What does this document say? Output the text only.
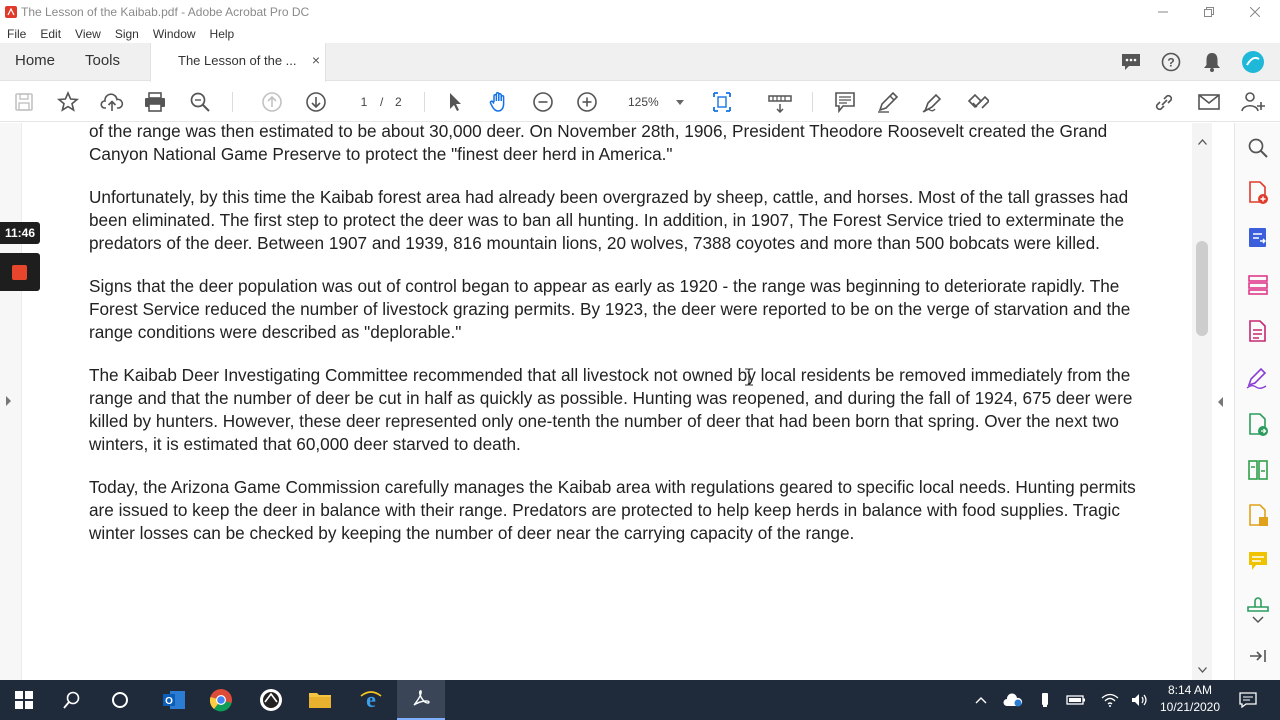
The Lesson of the Kaibab.pdf - Adobe Acrobat Pro DC
File Edit View Sign Window Help
Home Tools	The Lesson of the ... ×	?
1	/ 2	125%

of the range was then estimated to be about 30,000 deer. On November 28th, 1906, President Theodore Roosevelt created the Grand Canyon National Game Preserve to protect the "finest deer herd in America."

Unfortunately, by this time the Kaibab forest area had already been overgrazed by sheep, cattle, and horses. Most of the tall grasses had been eliminated. The first step to protect the deer was to ban all hunting. In addition, in 1907, The Forest Service tried to exterminate the predators of the deer. Between 1907 and 1939, 816 mountain lions, 20 wolves, 7388 coyotes and more than 500 bobcats were killed.

Signs that the deer population was out of control began to appear as early as 1920 - the range was beginning to deteriorate rapidly. The Forest Service reduced the number of livestock grazing permits. By 1923, the deer were reported to be on the verge of starvation and the range conditions were described as "deplorable."

The Kaibab Deer Investigating Committee recommended that all livestock not owned by local residents be removed immediately from the range and that the number of deer be cut in half as quickly as possible. Hunting was reopened, and during the fall of 1924, 675 deer were killed by hunters. However, these deer represented only one-tenth the number of deer that had been born that spring. Over the next two winters, it is estimated that 60,000 deer starved to death.

Today, the Arizona Game Commission carefully manages the Kaibab area with regulations geared to specific local needs. Hunting permits are issued to keep the deer in balance with their range. Predators are protected to help keep herds in balance with food supplies. Tragic winter losses can be checked by keeping the number of deer near the carrying capacity of the range.

11:46
O	e	8:14 AM
10/21/2020
